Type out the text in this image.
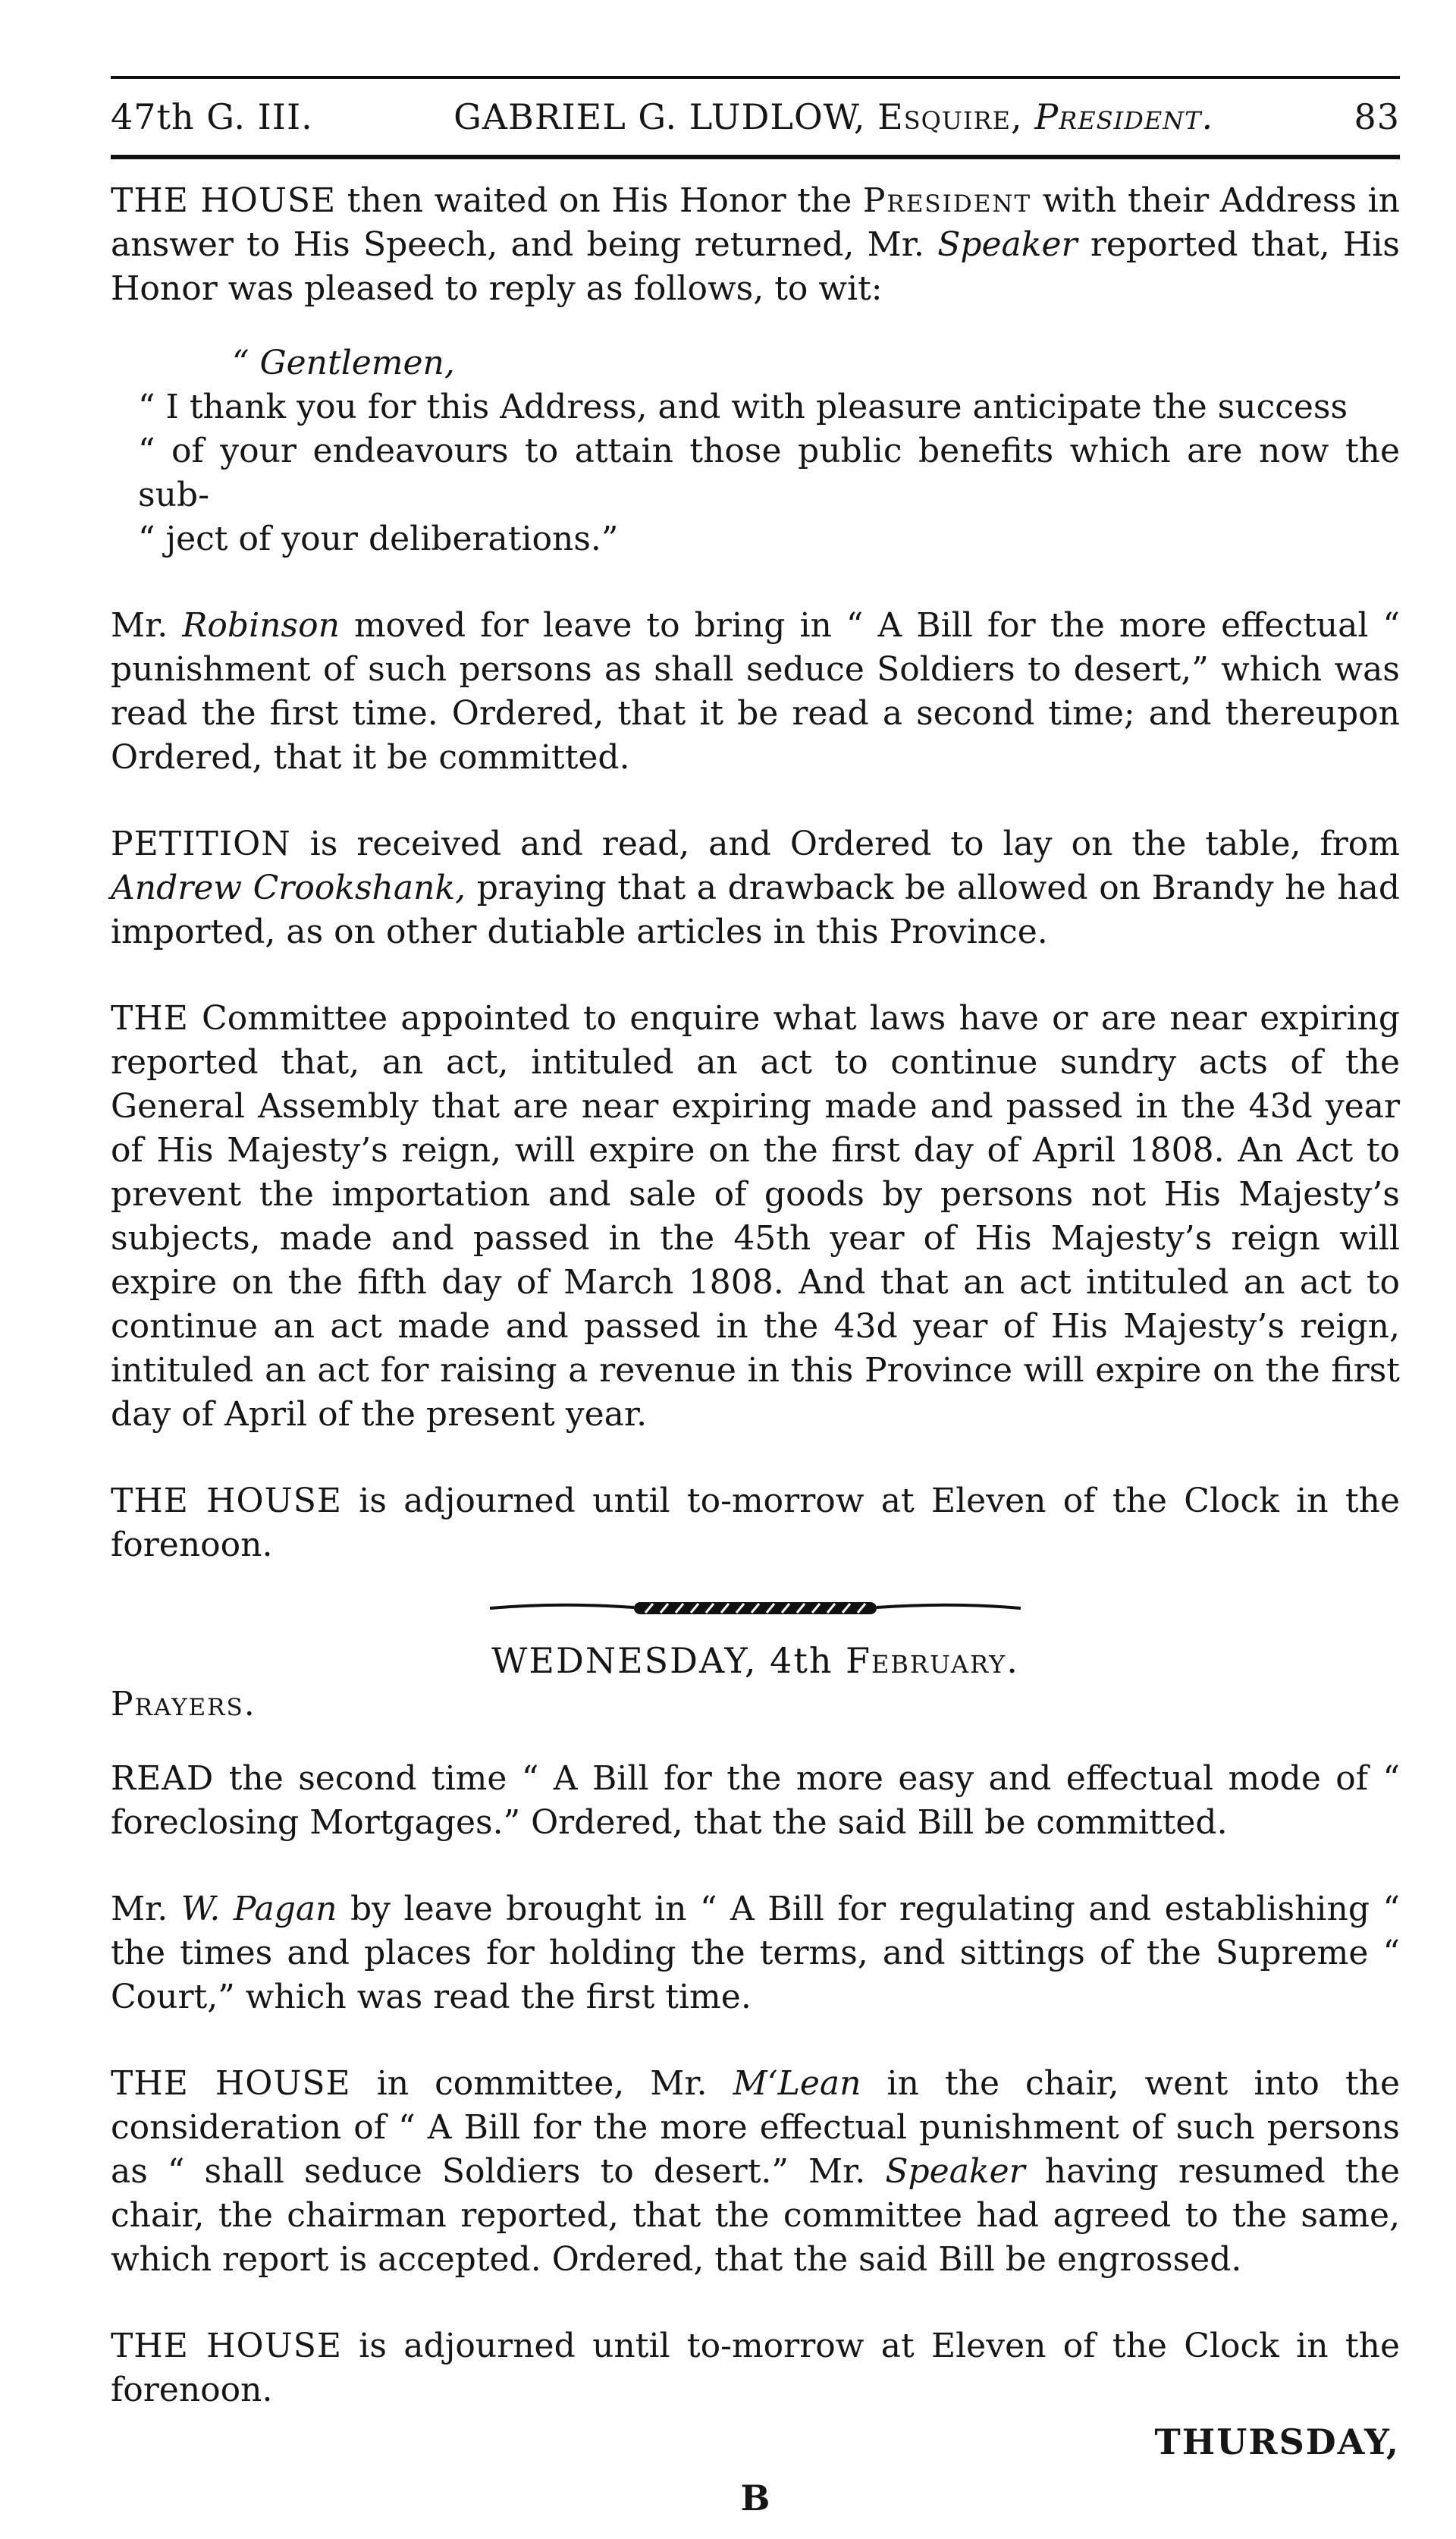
47th G. III.	GABRIEL G. LUDLOW, Esquire, President.	83

THE HOUSE then waited on His Honor the President with their Address in answer to His Speech, and being returned, Mr. Speaker reported that, His Honor was pleased to reply as follows, to wit:

“ Gentlemen,
“ I thank you for this Address, and with pleasure anticipate the success
“ of your endeavours to attain those public benefits which are now the sub-
“ ject of your deliberations.”

Mr. Robinson moved for leave to bring in “ A Bill for the more effectual “ punishment of such persons as shall seduce Soldiers to desert,” which was read the first time. Ordered, that it be read a second time; and thereupon Ordered, that it be committed.

PETITION is received and read, and Ordered to lay on the table, from Andrew Crookshank, praying that a drawback be allowed on Brandy he had imported, as on other dutiable articles in this Province.

THE Committee appointed to enquire what laws have or are near expiring reported that, an act, intituled an act to continue sundry acts of the General Assembly that are near expiring made and passed in the 43d year of His Majesty’s reign, will expire on the first day of April 1808. An Act to prevent the importation and sale of goods by persons not His Majesty’s subjects, made and passed in the 45th year of His Majesty’s reign will expire on the fifth day of March 1808. And that an act intituled an act to continue an act made and passed in the 43d year of His Majesty’s reign, intituled an act for raising a revenue in this Province will expire on the first day of April of the present year.

THE HOUSE is adjourned until to-morrow at Eleven of the Clock in the forenoon.

WEDNESDAY, 4th February.
Prayers.

READ the second time “ A Bill for the more easy and effectual mode of “ foreclosing Mortgages.” Ordered, that the said Bill be committed.

Mr. W. Pagan by leave brought in “ A Bill for regulating and establishing “ the times and places for holding the terms, and sittings of the Supreme “ Court,” which was read the first time.

THE HOUSE in committee, Mr. M‘Lean in the chair, went into the consideration of “ A Bill for the more effectual punishment of such persons as “ shall seduce Soldiers to desert.” Mr. Speaker having resumed the chair, the chairman reported, that the committee had agreed to the same, which report is accepted. Ordered, that the said Bill be engrossed.

THE HOUSE is adjourned until to-morrow at Eleven of the Clock in the forenoon.

THURSDAY,
B
